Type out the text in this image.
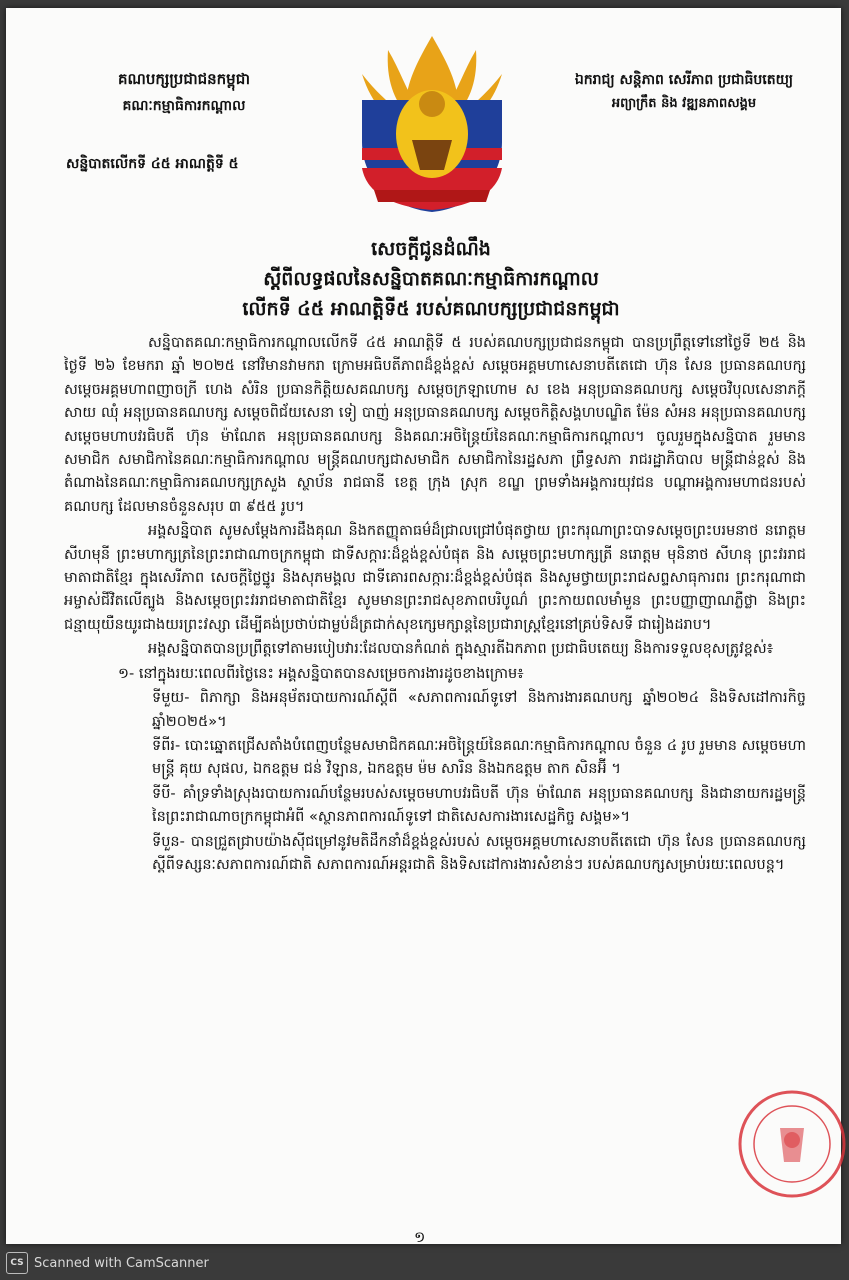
គណបក្សប្រជាជនកម្ពុជា
គណៈកម្មាធិការកណ្តាល
សន្និបាតលើកទី ៤៥ អាណត្តិទី ៥
ឯករាជ្យ សន្តិភាព សេរីភាព ប្រជាធិបតេយ្យ
អព្យាក្រឹត និង វឌ្ឍនភាពសង្គម
សេចក្ដីជូនដំណឹង
ស្តីពីលទ្ធផលនៃសន្និបាតគណៈកម្មាធិការកណ្តាល
លើកទី ៤៥ អាណត្តិទី៥ របស់គណបក្សប្រជាជនកម្ពុជា

សន្និបាតគណៈកម្មាធិការកណ្តាលលើកទី ៤៥ អាណត្តិទី ៥ របស់គណបក្សប្រជាជនកម្ពុជា បានប្រព្រឹត្តទៅនៅថ្ងៃទី ២៥ និងថ្ងៃទី ២៦ ខែមករា ឆ្នាំ ២០២៥ នៅវិមានវាមករា ក្រោមអធិបតីភាពដ៏ខ្ពង់ខ្ពស់ សម្តេចអគ្គមហាសេនាបតីតេជោ ហ៊ុន សែន ប្រធានគណបក្ស សម្ដេចអគ្គមហាពញាចក្រី ហេង សំរិន ប្រធានកិត្តិយសគណបក្ស សម្តេចក្រឡាហោម ស ខេង អនុប្រធានគណបក្ស សម្តេចវិបុលសេនាភក្តី សាយ ឈុំ អនុប្រធានគណបក្ស សម្តេចពិជ័យសេនា ទៀ បាញ់ អនុប្រធានគណបក្ស សម្តេចកិត្តិសង្គហបណ្ឌិត ម៉ែន សំអន អនុប្រធានគណបក្ស សម្ដេចមហាបវរធិបតី ហ៊ុន ម៉ាណែត អនុប្រធានគណបក្ស និងគណៈអចិន្ត្រៃយ៍នៃគណៈកម្មាធិការកណ្តាល។ ចូលរួមក្នុងសន្និបាត រួមមាន សមាជិក សមាជិកានៃគណៈកម្មាធិការកណ្តាល មន្ត្រីគណបក្សជាសមាជិក សមាជិកានៃរដ្ឋសភា ព្រឹទ្ធសភា រាជរដ្ឋាភិបាល មន្ត្រីជាន់ខ្ពស់ និងតំណាងនៃគណៈកម្មាធិការគណបក្សក្រសួង ស្ថាប័ន រាជធានី ខេត្ត ក្រុង ស្រុក ខណ្ឌ ព្រមទាំងអង្គការយុវជន បណ្តាអង្គការមហាជនរបស់គណបក្ស ដែលមានចំនួនសរុប ៣ ៩៥៥ រូប។

អង្គសន្និបាត សូមសម្តែងការដឹងគុណ និងកតញ្ញុតាធម៌ដ៏ជ្រាលជ្រៅបំផុតថ្វាយ ព្រះករុណាព្រះបាទសម្តេចព្រះបរមនាថ នរោត្តម សីហមុនី ព្រះមហាក្សត្រនៃព្រះរាជាណាចក្រកម្ពុជា ជាទីសក្ការៈដ៏ខ្ពង់ខ្ពស់បំផុត និង សម្តេចព្រះមហាក្សត្រី នរោត្តម មុនិនាថ សីហនុ ព្រះវររាជមាតាជាតិខ្មែរ ក្នុងសេរីភាព សេចក្តីថ្លៃថ្នូរ និងសុភមង្គល ជាទីគោរពសក្ការៈដ៏ខ្ពង់ខ្ពស់បំផុត និងសូមថ្វាយព្រះរាជសព្ទសាធុការពរ ព្រះករុណាជាអម្ចាស់ជីវិតលើត្បូង និងសម្តេចព្រះវររាជមាតាជាតិខ្មែរ សូមមានព្រះរាជសុខភាពបរិបូណ៌ ព្រះកាយពលមាំមួន ព្រះបញ្ញាញាណភ្លឺថ្លា និងព្រះជន្មាយុយឺនយូរជាងយរព្រះវស្សា ដើម្បីគង់ប្រថាប់ជាម្លប់ដ៏ត្រជាក់សុខក្សេមក្សាន្តនៃប្រជារាស្ត្រខ្មែរនៅគ្រប់ទិសទី ជារៀងដរាប។

អង្គសន្និបាតបានប្រព្រឹត្តទៅតាមរបៀបវារៈដែលបានកំណត់ ក្នុងស្មារតីឯកភាព ប្រជាធិបតេយ្យ និងការទទួលខុសត្រូវខ្ពស់៖

១- នៅក្នុងរយៈពេលពីរថ្ងៃនេះ អង្គសន្និបាតបានសម្រេចការងារដូចខាងក្រោម៖

ទីមួយ- ពិភាក្សា និងអនុម័តរបាយការណ៍ស្តីពី «សភាពការណ៍ទូទៅ និងការងារគណបក្ស ឆ្នាំ២០២៤ និងទិសដៅការកិច្ច ឆ្នាំ២០២៥»។

ទីពីរ- បោះឆ្នោតជ្រើសតាំងបំពេញបន្ថែមសមាជិកគណៈអចិន្ត្រៃយ៍នៃគណៈកម្មាធិការកណ្តាល ចំនួន ៤ រូប រួមមាន សម្ដេចមហាមន្ត្រី គុយ សុផល, ឯកឧត្តម ជន់ វិឡាន, ឯកឧត្តម ម៉ម សារិន និងឯកឧត្តម តាក សិនអ៊ី ។

ទីបី- គាំទ្រទាំងស្រុងរបាយការណ៍បន្ថែមរបស់សម្តេចមហាបវរធិបតី ហ៊ុន ម៉ាណែត អនុប្រធានគណបក្ស និងជានាយករដ្ឋមន្ត្រីនៃព្រះរាជាណាចក្រកម្ពុជាអំពី «ស្ថានភាពការណ៍ទូទៅ ជាតិសេសការងារសេដ្ឋកិច្ច សង្គម»។

ទីបួន- បានជ្រួតជ្រាបយ៉ាងស៊ីជម្រៅនូវមតិដឹកនាំដ៏ខ្ពង់ខ្ពស់របស់ សម្តេចអគ្គមហាសេនាបតីតេជោ ហ៊ុន សែន ប្រធានគណបក្ស ស្តីពីទស្សនៈសភាពការណ៍ជាតិ សភាពការណ៍អន្តរជាតិ និងទិសដៅការងារសំខាន់ៗ របស់គណបក្សសម្រាប់រយៈពេលបន្ត។

១
CS Scanned with CamScanner
